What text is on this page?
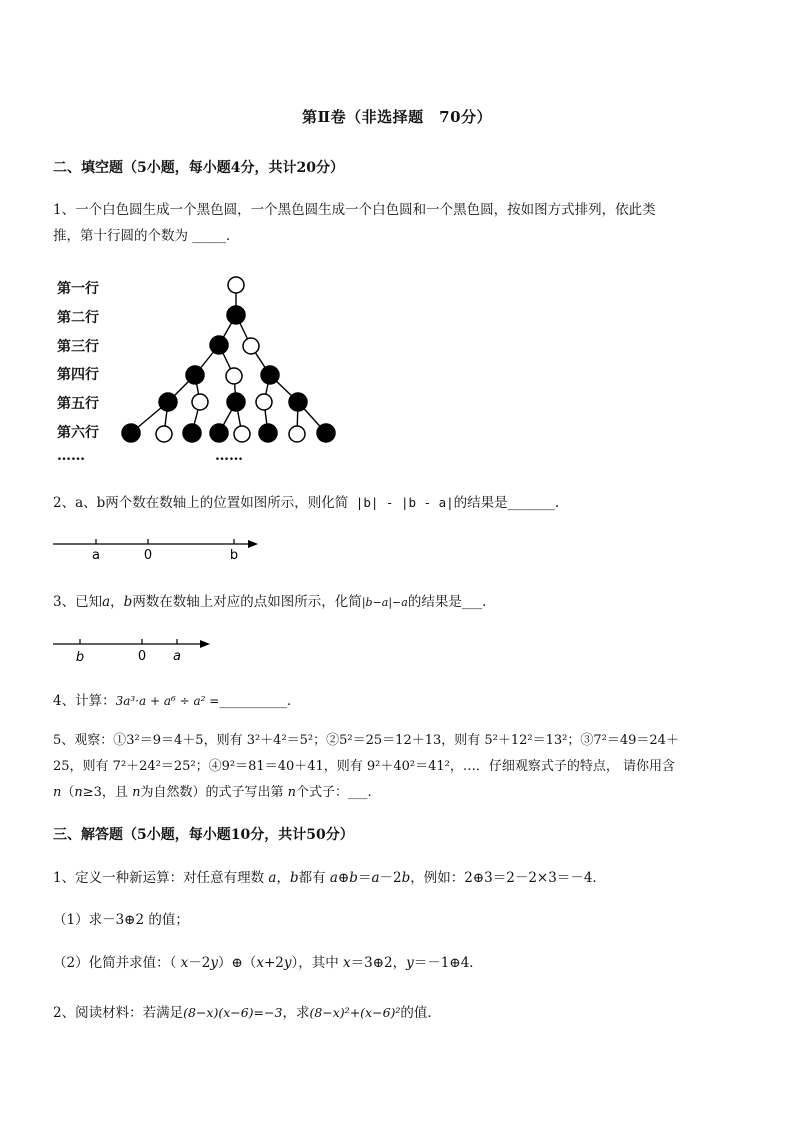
第Ⅱ卷（非选择题　70分）
二、填空题（5小题，每小题4分，共计20分）
1、一个白色圆生成一个黑色圆，一个黑色圆生成一个白色圆和一个黑色圆，按如图方式排列，依此类
推，第十行圆的个数为 _____．
第一行
第二行
第三行
第四行
第五行
第六行
……	……
2、a、b两个数在数轴上的位置如图所示，则化简 |b| - |b - a|的结果是_______.
a	0	b
3、已知a，b两数在数轴上对应的点如图所示，化简|b−a|−a的结果是___．
b	0 a
4、计算：3a³·a + a⁶ ÷ a² =__________．
5、观察：①3²＝9＝4＋5，则有 3²＋4²＝5²；②5²＝25＝12＋13，则有 5²＋12²＝13²；③7²＝49＝24＋
25，则有 7²＋24²＝25²；④9²＝81＝40＋41，则有 9²＋40²＝41²，…．仔细观察式子的特点， 请你用含
n（n≥3，且 n为自然数）的式子写出第 n个式子：___.
三、解答题（5小题，每小题10分，共计50分）
1、定义一种新运算：对任意有理数 a，b都有 a⊕b＝a－2b，例如：2⊕3＝2－2×3＝－4．
（1）求－3⊕2 的值；
（2）化简并求值：（ x－2y）⊕（x+2y），其中 x＝3⊕2，y＝－1⊕4．
2、阅读材料：若满足(8−x)(x−6)=−3，求(8−x)²+(x−6)²的值．
